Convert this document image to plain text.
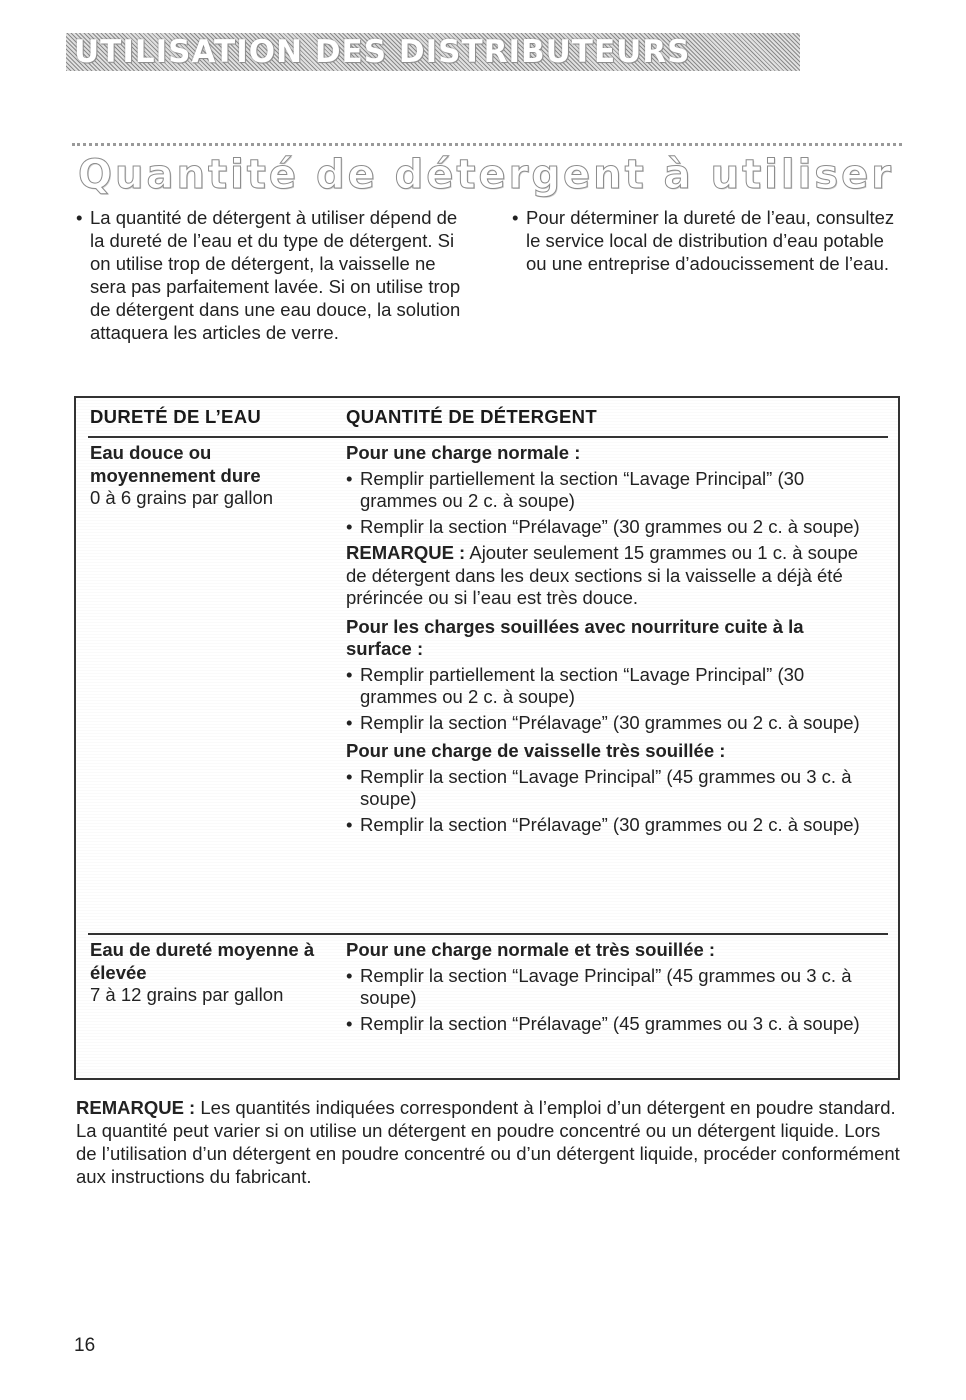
UTILISATION DES DISTRIBUTEURS
Quantité de détergent à utiliser
• La quantité de détergent à utiliser dépend de la dureté de l’eau et du type de détergent. Si on utilise trop de détergent, la vaisselle ne sera pas parfaitement lavée. Si on utilise trop de détergent dans une eau douce, la solution attaquera les articles de verre.
• Pour déterminer la dureté de l’eau, consultez le service local de distribution d’eau potable ou une entreprise d’adoucissement de l’eau.
DURETÉ DE L’EAU	QUANTITÉ DE DÉTERGENT
Eau douce ou moyennement dure
0 à 6 grains par gallon
Pour une charge normale :
• Remplir partiellement la section “Lavage Principal” (30 grammes ou 2 c. à soupe)
• Remplir la section “Prélavage” (30 grammes ou 2 c. à soupe)
REMARQUE : Ajouter seulement 15 grammes ou 1 c. à soupe de détergent dans les deux sections si la vaisselle a déjà été prérincée ou si l’eau est très douce.
Pour les charges souillées avec nourriture cuite à la surface :
• Remplir partiellement la section “Lavage Principal” (30 grammes ou 2 c. à soupe)
• Remplir la section “Prélavage” (30 grammes ou 2 c. à soupe)
Pour une charge de vaisselle très souillée :
• Remplir la section “Lavage Principal” (45 grammes ou 3 c. à soupe)
• Remplir la section “Prélavage” (30 grammes ou 2 c. à soupe)
Eau de dureté moyenne à élevée
7 à 12 grains par gallon
Pour une charge normale et très souillée :
• Remplir la section “Lavage Principal” (45 grammes ou 3 c. à soupe)
• Remplir la section “Prélavage” (45 grammes ou 3 c. à soupe)
REMARQUE : Les quantités indiquées correspondent à l’emploi d’un détergent en poudre standard. La quantité peut varier si on utilise un détergent en poudre concentré ou un détergent liquide. Lors de l’utilisation d’un détergent en poudre concentré ou d’un détergent liquide, procéder conformément aux instructions du fabricant.
16
